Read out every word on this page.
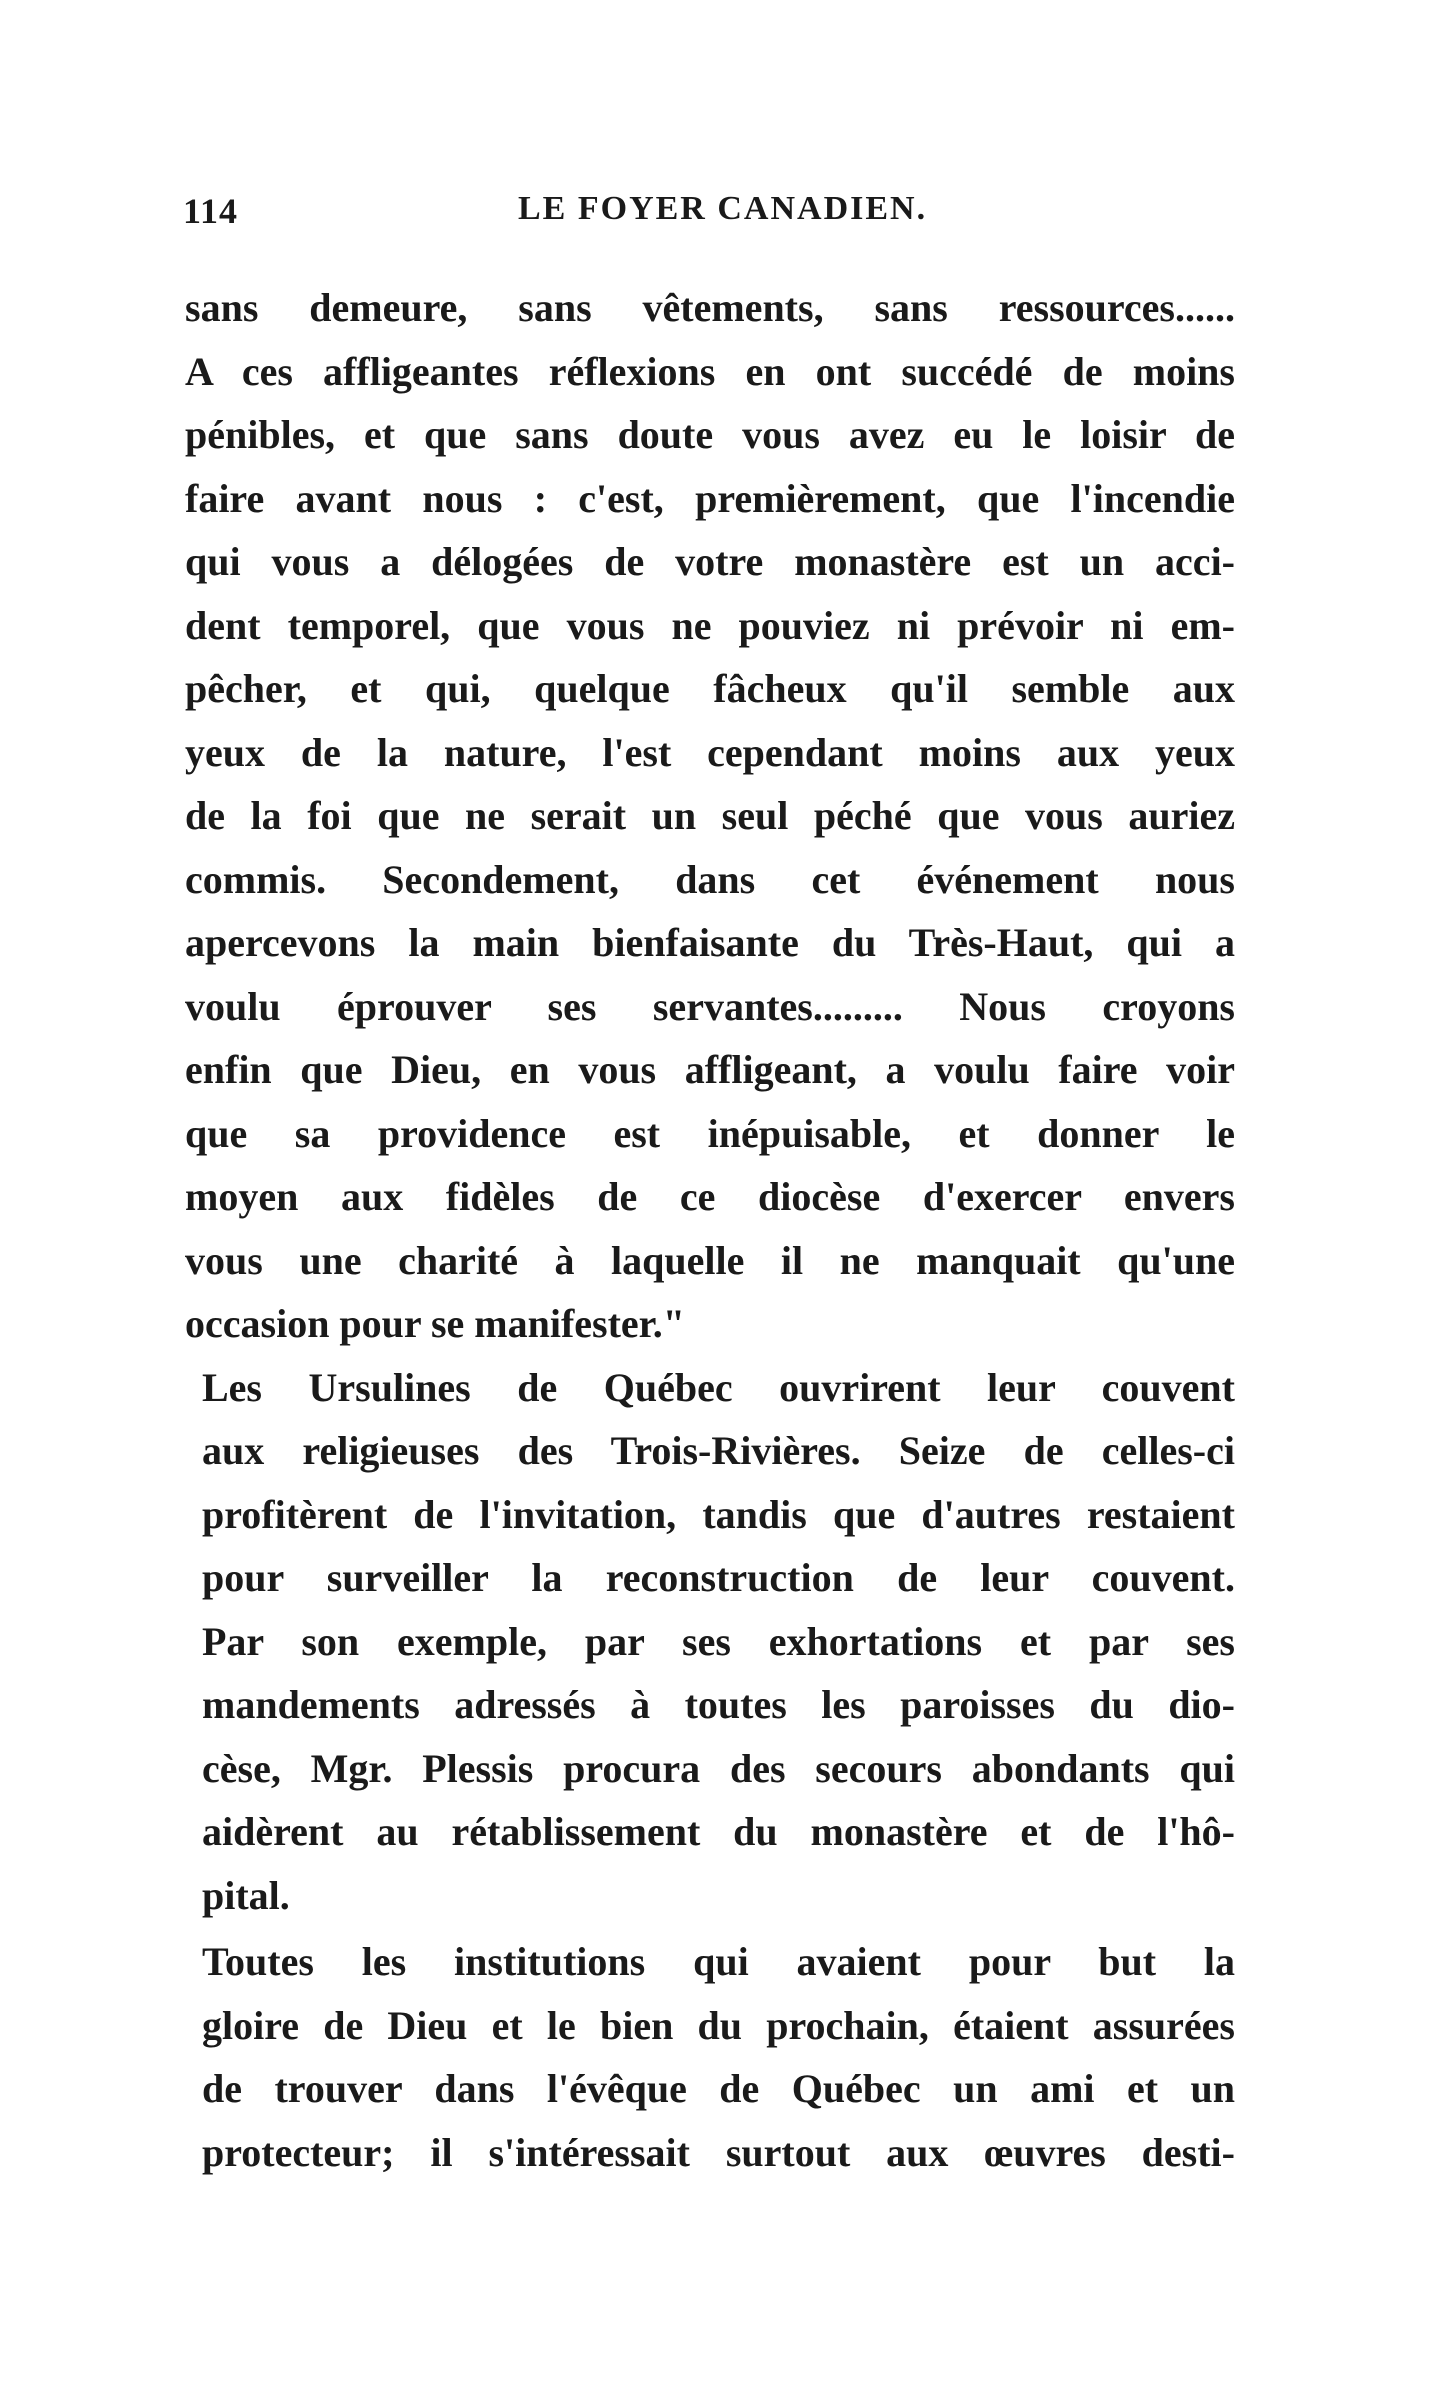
114	LE FOYER CANADIEN.
sans demeure, sans vêtements, sans ressources......
A ces affligeantes réflexions en ont succédé de moins
pénibles, et que sans doute vous avez eu le loisir de
faire avant nous : c'est, premièrement, que l'incendie
qui vous a délogées de votre monastère est un acci-
dent temporel, que vous ne pouviez ni prévoir ni em-
pêcher, et qui, quelque fâcheux qu'il semble aux
yeux de la nature, l'est cependant moins aux yeux
de la foi que ne serait un seul péché que vous auriez
commis. Secondement, dans cet événement nous
apercevons la main bienfaisante du Très-Haut, qui a
voulu éprouver ses servantes......... Nous croyons
enfin que Dieu, en vous affligeant, a voulu faire voir
que sa providence est inépuisable, et donner le
moyen aux fidèles de ce diocèse d'exercer envers
vous une charité à laquelle il ne manquait qu'une
occasion pour se manifester."
Les Ursulines de Québec ouvrirent leur couvent
aux religieuses des Trois-Rivières. Seize de celles-ci
profitèrent de l'invitation, tandis que d'autres restaient
pour surveiller la reconstruction de leur couvent.
Par son exemple, par ses exhortations et par ses
mandements adressés à toutes les paroisses du dio-
cèse, Mgr. Plessis procura des secours abondants qui
aidèrent au rétablissement du monastère et de l'hô-
pital.
Toutes les institutions qui avaient pour but la
gloire de Dieu et le bien du prochain, étaient assurées
de trouver dans l'évêque de Québec un ami et un
protecteur; il s'intéressait surtout aux œuvres desti-
